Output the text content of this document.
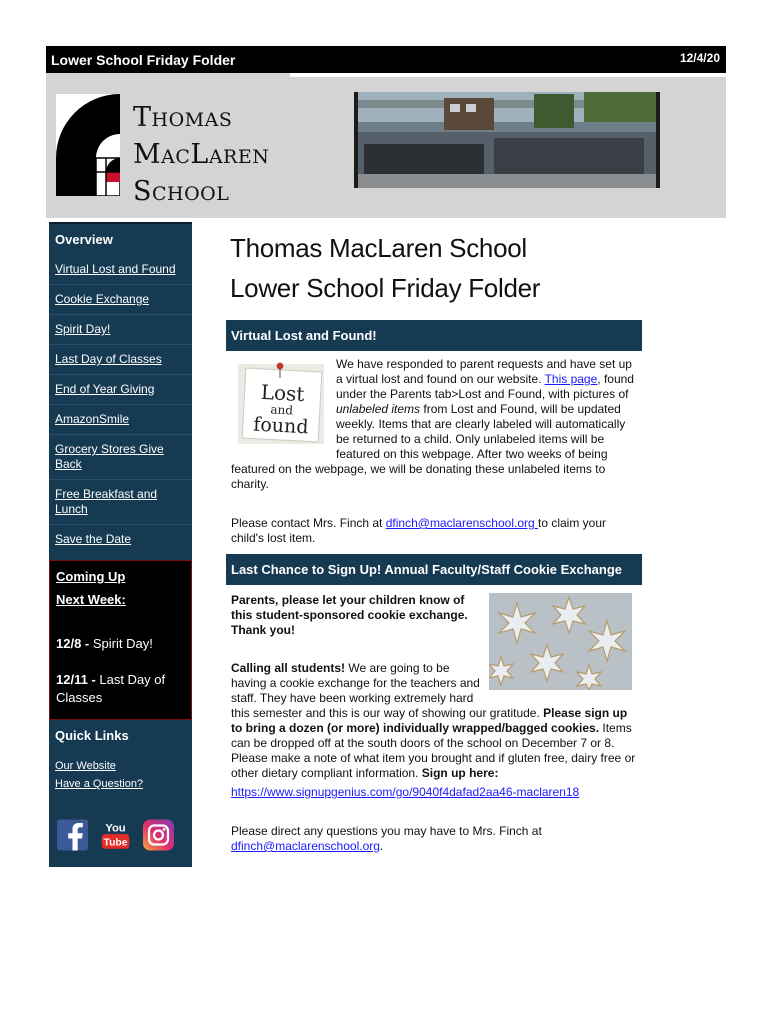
Lower School Friday Folder	12/4/20
Thomas
MacLaren
School
Overview
Virtual Lost and Found
Cookie Exchange
Spirit Day!
Last Day of Classes
End of Year Giving
AmazonSmile
Grocery Stores Give Back
Free Breakfast and Lunch
Save the Date
Coming Up
Next Week:
12/8 - Spirit Day!
12/11 - Last Day of Classes
Quick Links
Our Website
Have a Question?
You
Tube
Thomas MacLaren School
Lower School Friday Folder
Virtual Lost and Found!
Lost
and
found

We have responded to parent requests and have set up a virtual lost and found on our website. This page, found under the Parents tab>Lost and Found, with pictures of unlabeled items from Lost and Found, will be updated weekly. Items that are clearly labeled will automatically be returned to a child. Only unlabeled items will be featured on this webpage. After two weeks of being featured on the webpage, we will be donating these unlabeled items to charity.

Please contact Mrs. Finch at dfinch@maclarenschool.org to claim your child's lost item.

Last Chance to Sign Up! Annual Faculty/Staff Cookie Exchange

Parents, please let your children know of this student-sponsored cookie exchange. Thank you!

Calling all students! We are going to be having a cookie exchange for the teachers and staff. They have been working extremely hard this semester and this is our way of showing our gratitude. Please sign up to bring a dozen (or more) individually wrapped/bagged cookies. Items can be dropped off at the south doors of the school on December 7 or 8. Please make a note of what item you brought and if gluten free, dairy free or other dietary compliant information. Sign up here:

https://www.signupgenius.com/go/9040f4dafad2aa46-maclaren18

Please direct any questions you may have to Mrs. Finch at dfinch@maclarenschool.org.
